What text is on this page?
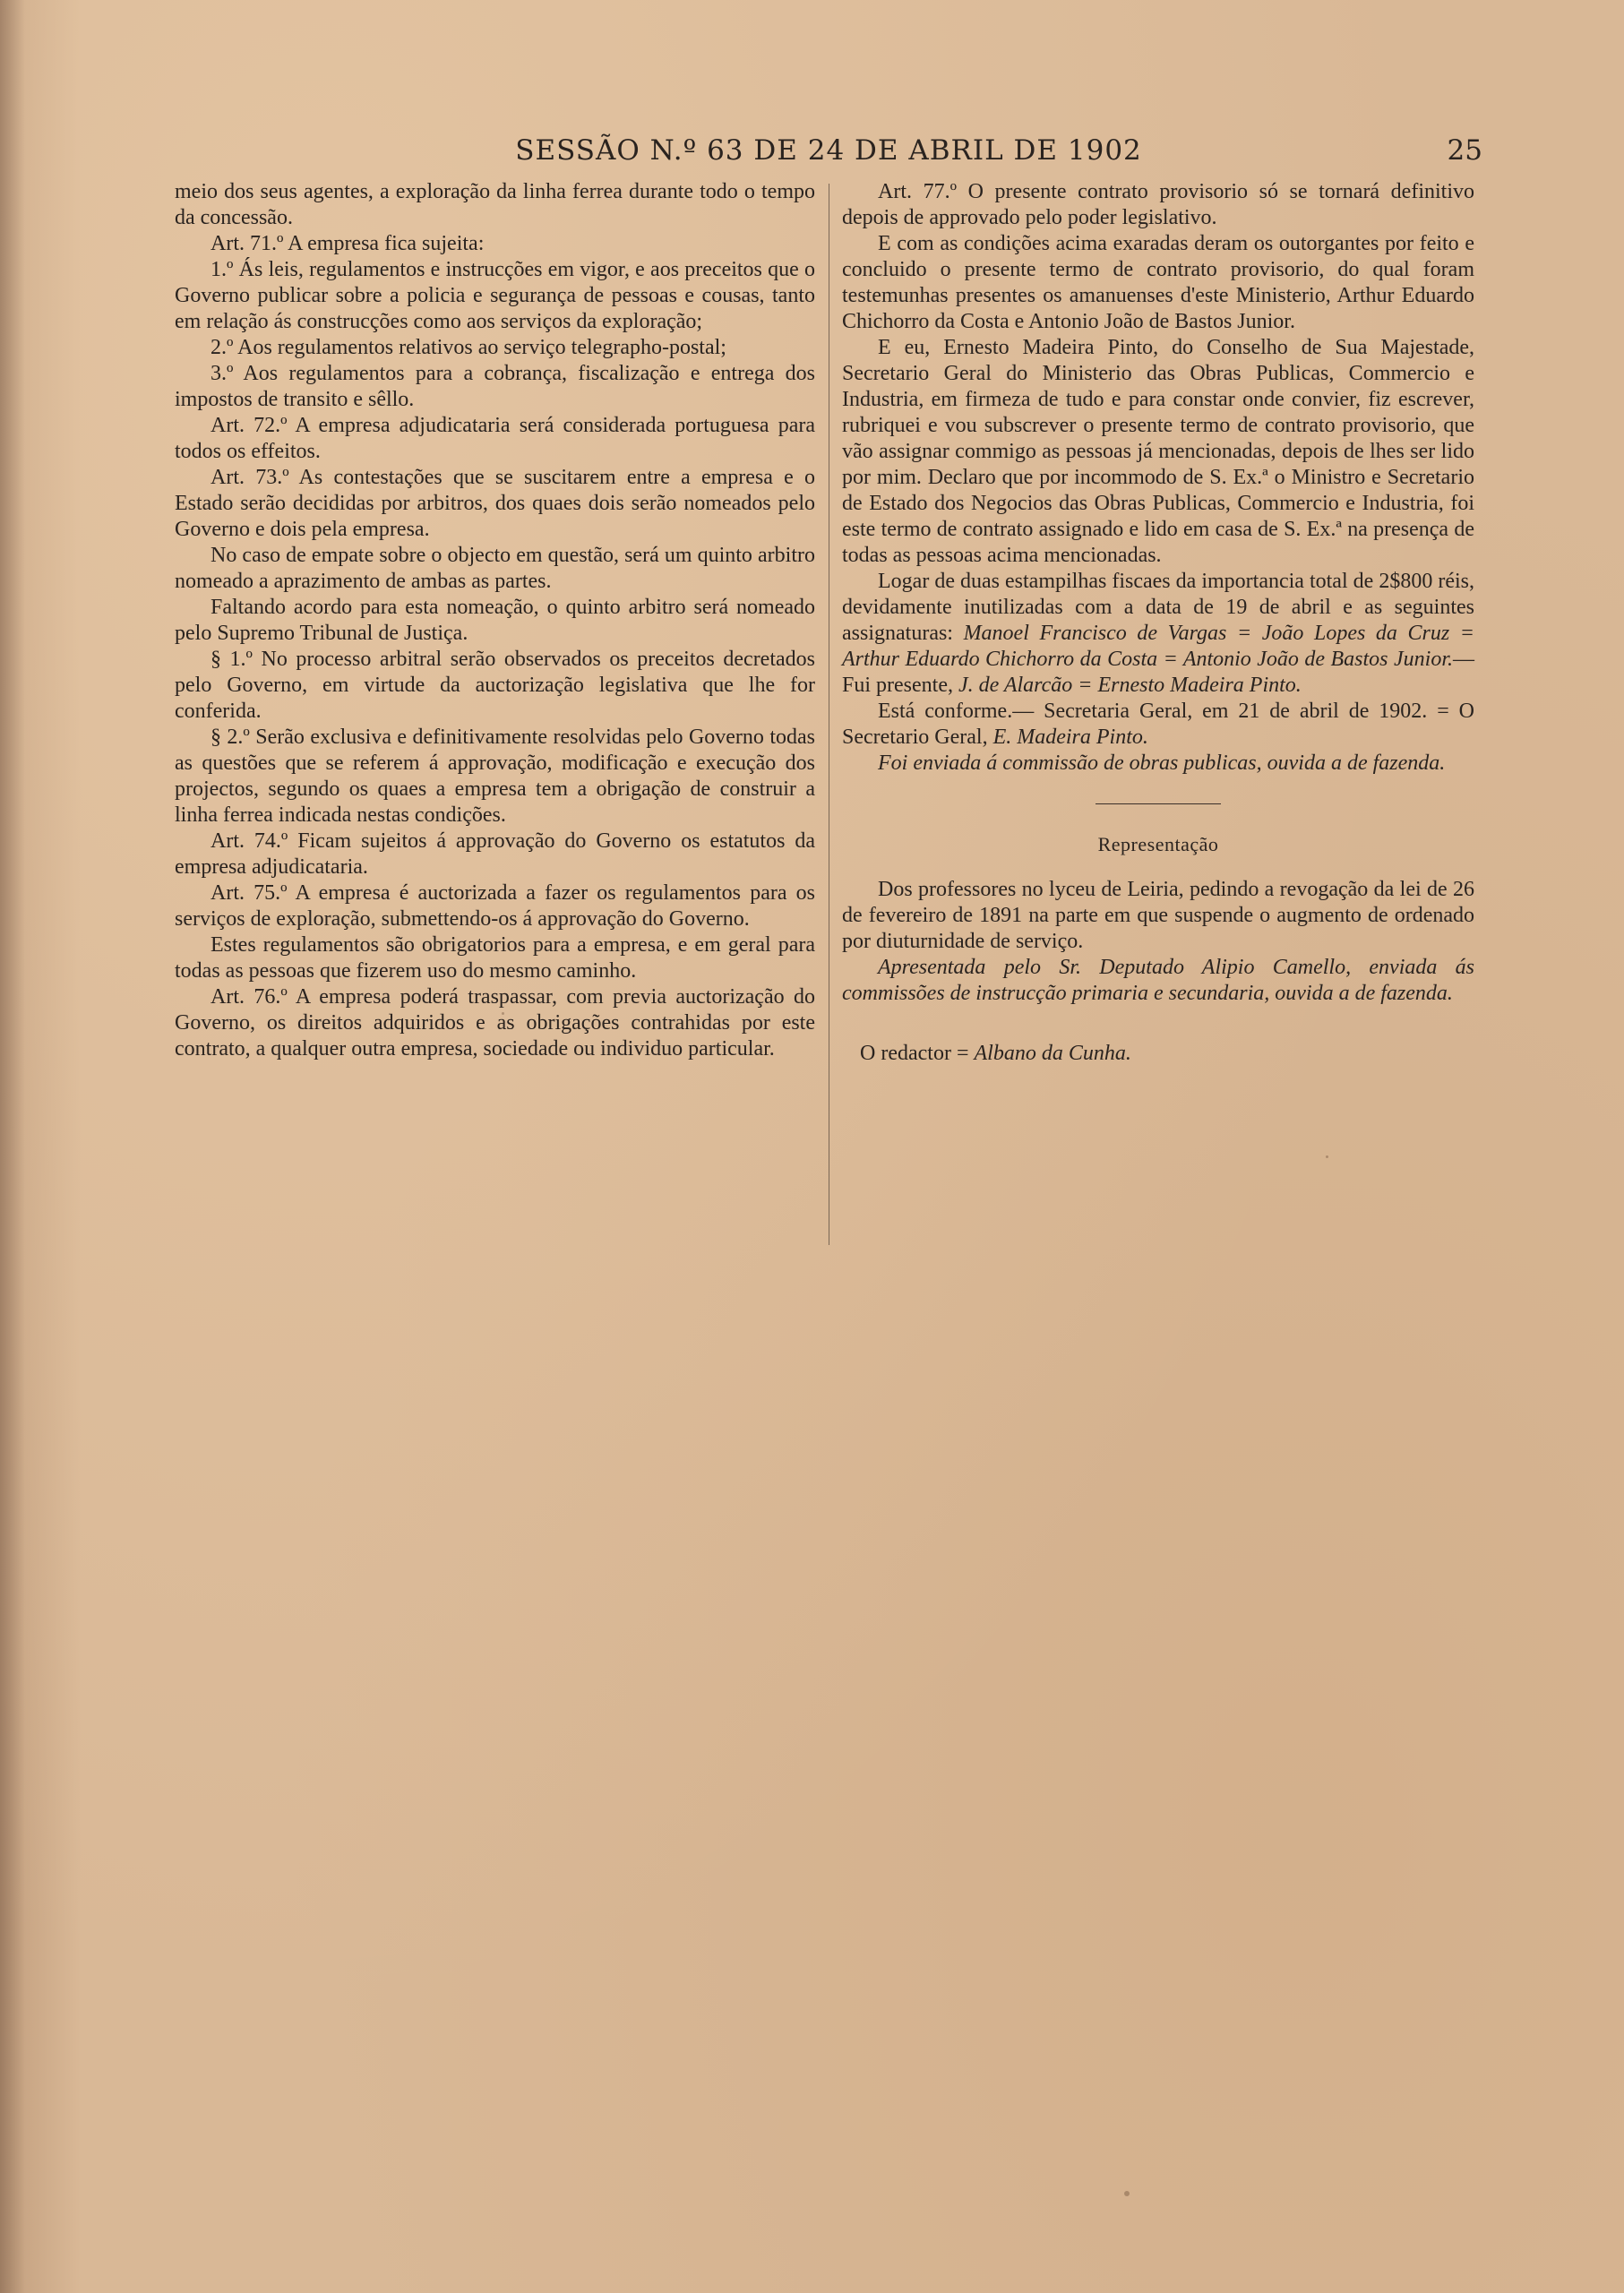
SESSÃO N.º 63 DE 24 DE ABRIL DE 1902	25

meio dos seus agentes, a exploração da linha ferrea durante todo o tempo da concessão.

Art. 71.º A empresa fica sujeita:

1.º Ás leis, regulamentos e instrucções em vigor, e aos preceitos que o Governo publicar sobre a policia e segurança de pessoas e cousas, tanto em relação ás construcções como aos serviços da exploração;

2.º Aos regulamentos relativos ao serviço telegrapho-postal;

3.º Aos regulamentos para a cobrança, fiscalização e entrega dos impostos de transito e sêllo.

Art. 72.º A empresa adjudicataria será considerada portuguesa para todos os effeitos.

Art. 73.º As contestações que se suscitarem entre a empresa e o Estado serão decididas por arbitros, dos quaes dois serão nomeados pelo Governo e dois pela empresa.

No caso de empate sobre o objecto em questão, será um quinto arbitro nomeado a aprazimento de ambas as partes.

Faltando acordo para esta nomeação, o quinto arbitro será nomeado pelo Supremo Tribunal de Justiça.

§ 1.º No processo arbitral serão observados os preceitos decretados pelo Governo, em virtude da auctorização legislativa que lhe for conferida.

§ 2.º Serão exclusiva e definitivamente resolvidas pelo Governo todas as questões que se referem á approvação, modificação e execução dos projectos, segundo os quaes a empresa tem a obrigação de construir a linha ferrea indicada nestas condições.

Art. 74.º Ficam sujeitos á approvação do Governo os estatutos da empresa adjudicataria.

Art. 75.º A empresa é auctorizada a fazer os regulamentos para os serviços de exploração, submettendo-os á approvação do Governo.

Estes regulamentos são obrigatorios para a empresa, e em geral para todas as pessoas que fizerem uso do mesmo caminho.

Art. 76.º A empresa poderá traspassar, com previa auctorização do Governo, os direitos adquiridos e as obrigações contrahidas por este contrato, a qualquer outra empresa, sociedade ou individuo particular.

Art. 77.º O presente contrato provisorio só se tornará definitivo depois de approvado pelo poder legislativo.

E com as condições acima exaradas deram os outorgantes por feito e concluido o presente termo de contrato provisorio, do qual foram testemunhas presentes os amanuenses d'este Ministerio, Arthur Eduardo Chichorro da Costa e Antonio João de Bastos Junior.

E eu, Ernesto Madeira Pinto, do Conselho de Sua Majestade, Secretario Geral do Ministerio das Obras Publicas, Commercio e Industria, em firmeza de tudo e para constar onde convier, fiz escrever, rubriquei e vou subscrever o presente termo de contrato provisorio, que vão assignar commigo as pessoas já mencionadas, depois de lhes ser lido por mim. Declaro que por incommodo de S. Ex.ª o Ministro e Secretario de Estado dos Negocios das Obras Publicas, Commercio e Industria, foi este termo de contrato assignado e lido em casa de S. Ex.ª na presença de todas as pessoas acima mencionadas.

Logar de duas estampilhas fiscaes da importancia total de 2$800 réis, devidamente inutilizadas com a data de 19 de abril e as seguintes assignaturas: Manoel Francisco de Vargas = João Lopes da Cruz = Arthur Eduardo Chichorro da Costa = Antonio João de Bastos Junior.—Fui presente, J. de Alarcão = Ernesto Madeira Pinto.

Está conforme.— Secretaria Geral, em 21 de abril de 1902. = O Secretario Geral, E. Madeira Pinto.

Foi enviada á commissão de obras publicas, ouvida a de fazenda.

Representação

Dos professores no lyceu de Leiria, pedindo a revogação da lei de 26 de fevereiro de 1891 na parte em que suspende o augmento de ordenado por diuturnidade de serviço.

Apresentada pelo Sr. Deputado Alipio Camello, enviada ás commissões de instrucção primaria e secundaria, ouvida a de fazenda.

O redactor = Albano da Cunha.
